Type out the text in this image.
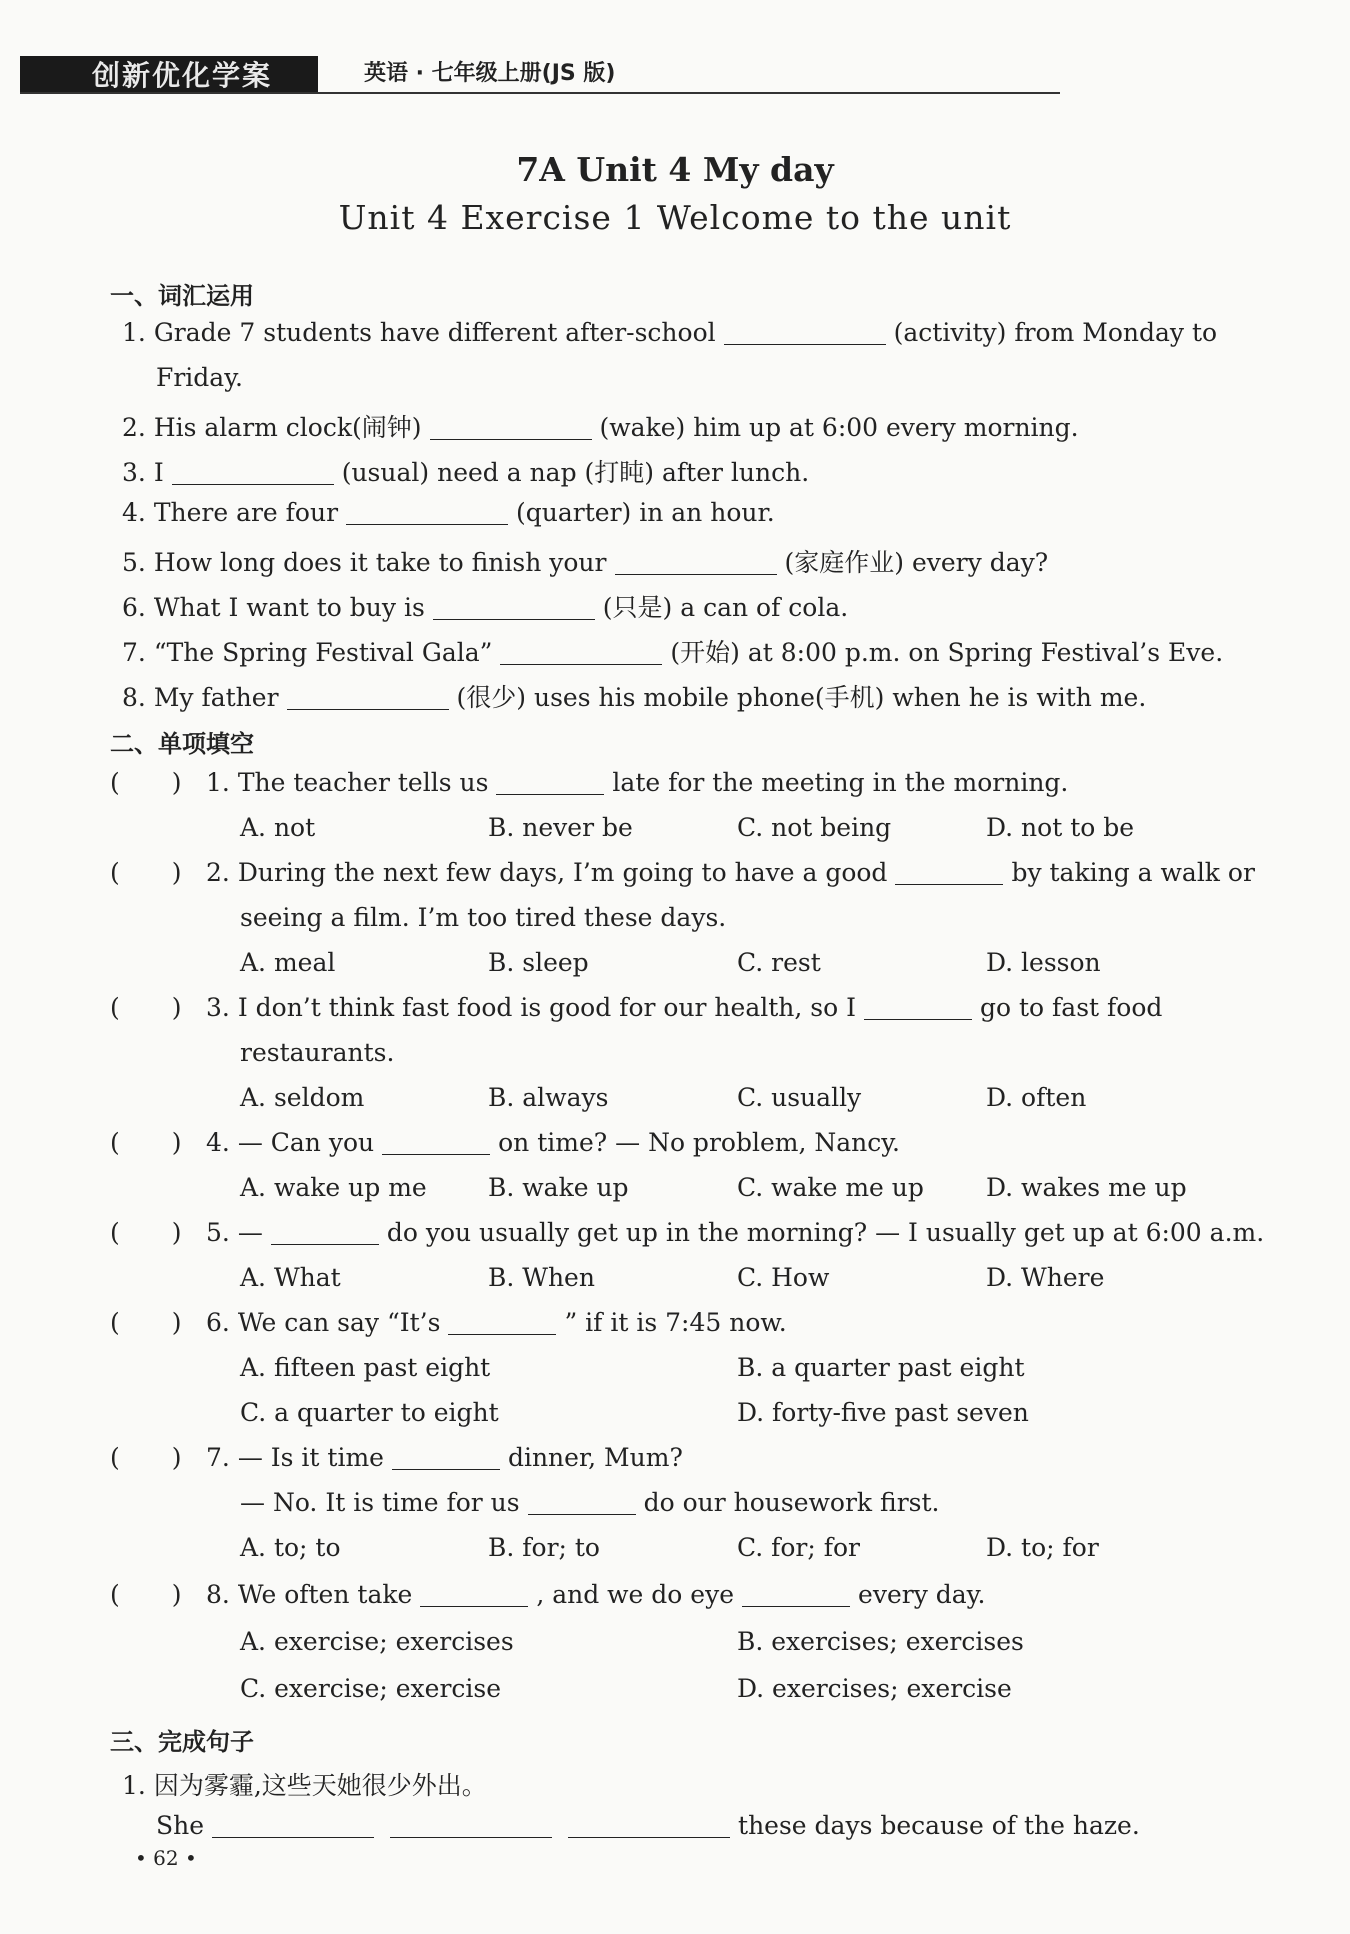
创新优化学案	英语 · 七年级上册(JS 版)
7A Unit 4 My day
Unit 4 Exercise 1 Welcome to the unit
一、词汇运用
1. Grade 7 students have different after-school	(activity) from Monday to
Friday.
2. His alarm clock(闹钟)	(wake) him up at 6:00 every morning.
3. I	(usual) need a nap (打盹) after lunch.
4. There are four	(quarter) in an hour.
5. How long does it take to finish your	(家庭作业) every day?
6. What I want to buy is	(只是) a can of cola.
7. “The Spring Festival Gala”	(开始) at 8:00 p.m. on Spring Festival’s Eve.
8. My father	(很少) uses his mobile phone(手机) when he is with me.
二、单项填空
( ) 1. The teacher tells us	late for the meeting in the morning.
A. not	B. never be	C. not being	D. not to be
( ) 2. During the next few days, I’m going to have a good	by taking a walk or
seeing a film. I’m too tired these days.
A. meal	B. sleep	C. rest	D. lesson
( ) 3. I don’t think fast food is good for our health, so I	go to fast food
restaurants.
A. seldom	B. always	C. usually	D. often
( ) 4. — Can you	on time? — No problem, Nancy.
A. wake up me B. wake up	C. wake me up D. wakes me up
( ) 5. —	do you usually get up in the morning? — I usually get up at 6:00 a.m.
A. What	B. When	C. How	D. Where
( ) 6. We can say “It’s	” if it is 7:45 now.
A. fifteen past eight	B. a quarter past eight
C. a quarter to eight	D. forty-five past seven
( ) 7. — Is it time	dinner, Mum?
— No. It is time for us	do our housework first.
A. to; to	B. for; to	C. for; for	D. to; for
( ) 8. We often take	, and we do eye	every day.
A. exercise; exercises	B. exercises; exercises
C. exercise; exercise	D. exercises; exercise
三、完成句子
1. 因为雾霾,这些天她很少外出。
She	these days because of the haze.
• 62 •
